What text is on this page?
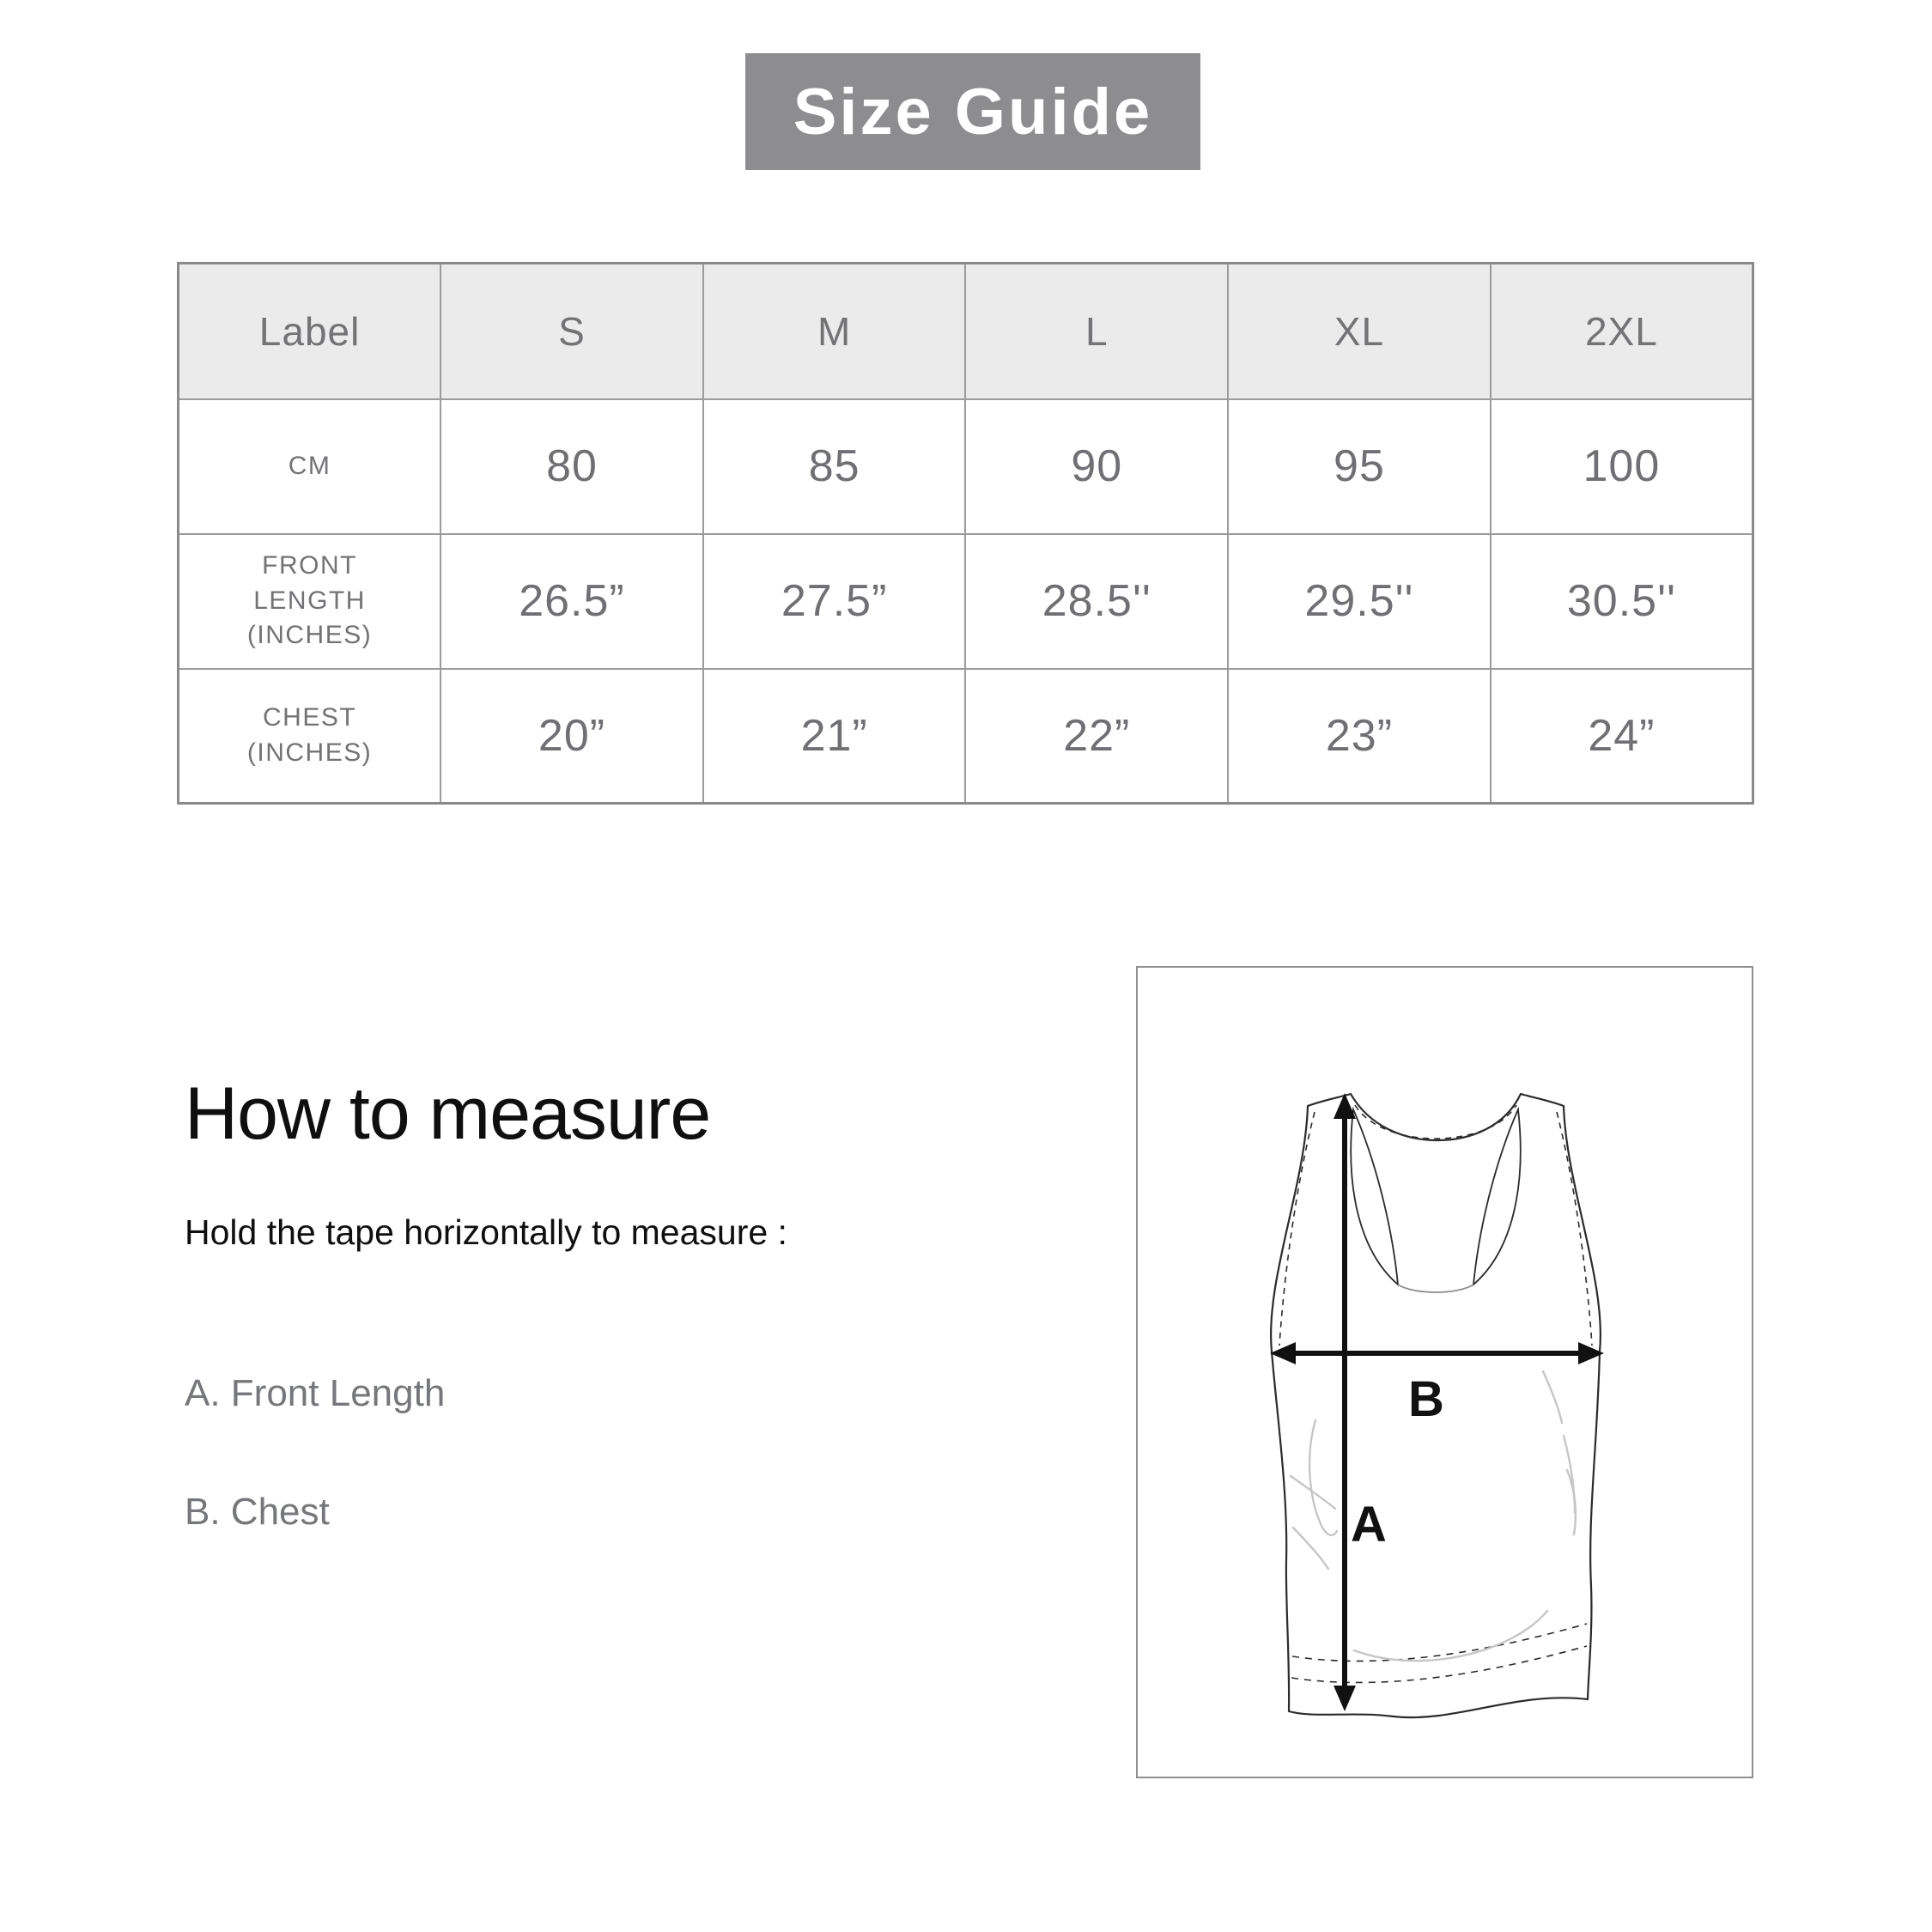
Size Guide
Label	S	M	L	XL	2XL

CM	80	85	90	95	100

FRONT
LENGTH
(INCHES)	26.5”	27.5”	28.5''	29.5''	30.5''

CHEST
(INCHES)	20”	21”	22”	23”	24”
How to measure
Hold the tape horizontally to measure :
A. Front Length
B. Chest
B
A
